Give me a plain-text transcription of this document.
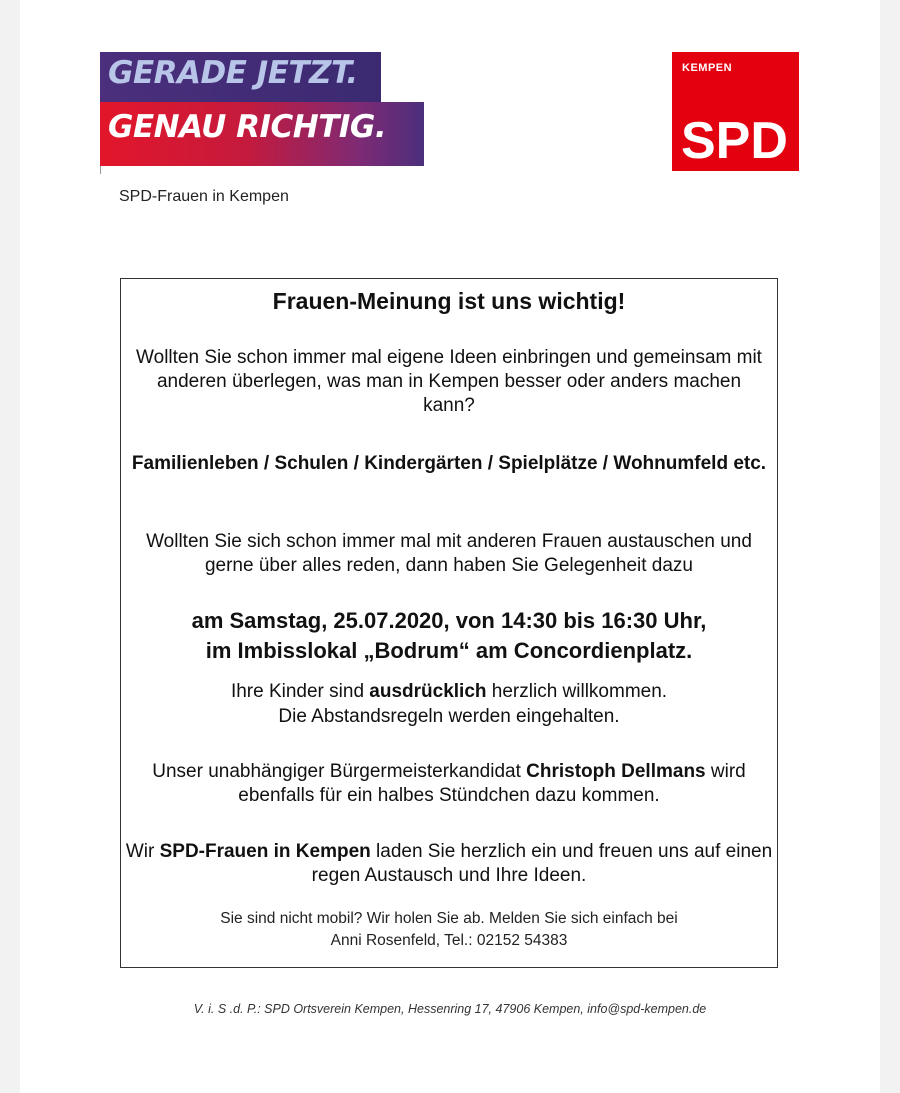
GERADE JETZT.
GENAU RICHTIG.
KEMPEN
SPD
SPD-Frauen in Kempen
Frauen-Meinung ist uns wichtig!
Wollten Sie schon immer mal eigene Ideen einbringen und gemeinsam mit anderen überlegen, was man in Kempen besser oder anders machen kann?
Familienleben / Schulen / Kindergärten / Spielplätze / Wohnumfeld etc.
Wollten Sie sich schon immer mal mit anderen Frauen austauschen und gerne über alles reden, dann haben Sie Gelegenheit dazu
am Samstag, 25.07.2020, von 14:30 bis 16:30 Uhr,
im Imbisslokal „Bodrum“ am Concordienplatz.
Ihre Kinder sind ausdrücklich herzlich willkommen.
Die Abstandsregeln werden eingehalten.
Unser unabhängiger Bürgermeisterkandidat Christoph Dellmans wird ebenfalls für ein halbes Stündchen dazu kommen.
Wir SPD-Frauen in Kempen laden Sie herzlich ein und freuen uns auf einen regen Austausch und Ihre Ideen.
Sie sind nicht mobil? Wir holen Sie ab. Melden Sie sich einfach bei
Anni Rosenfeld, Tel.: 02152 54383
V. i. S .d. P.: SPD Ortsverein Kempen, Hessenring 17, 47906 Kempen, info@spd-kempen.de
